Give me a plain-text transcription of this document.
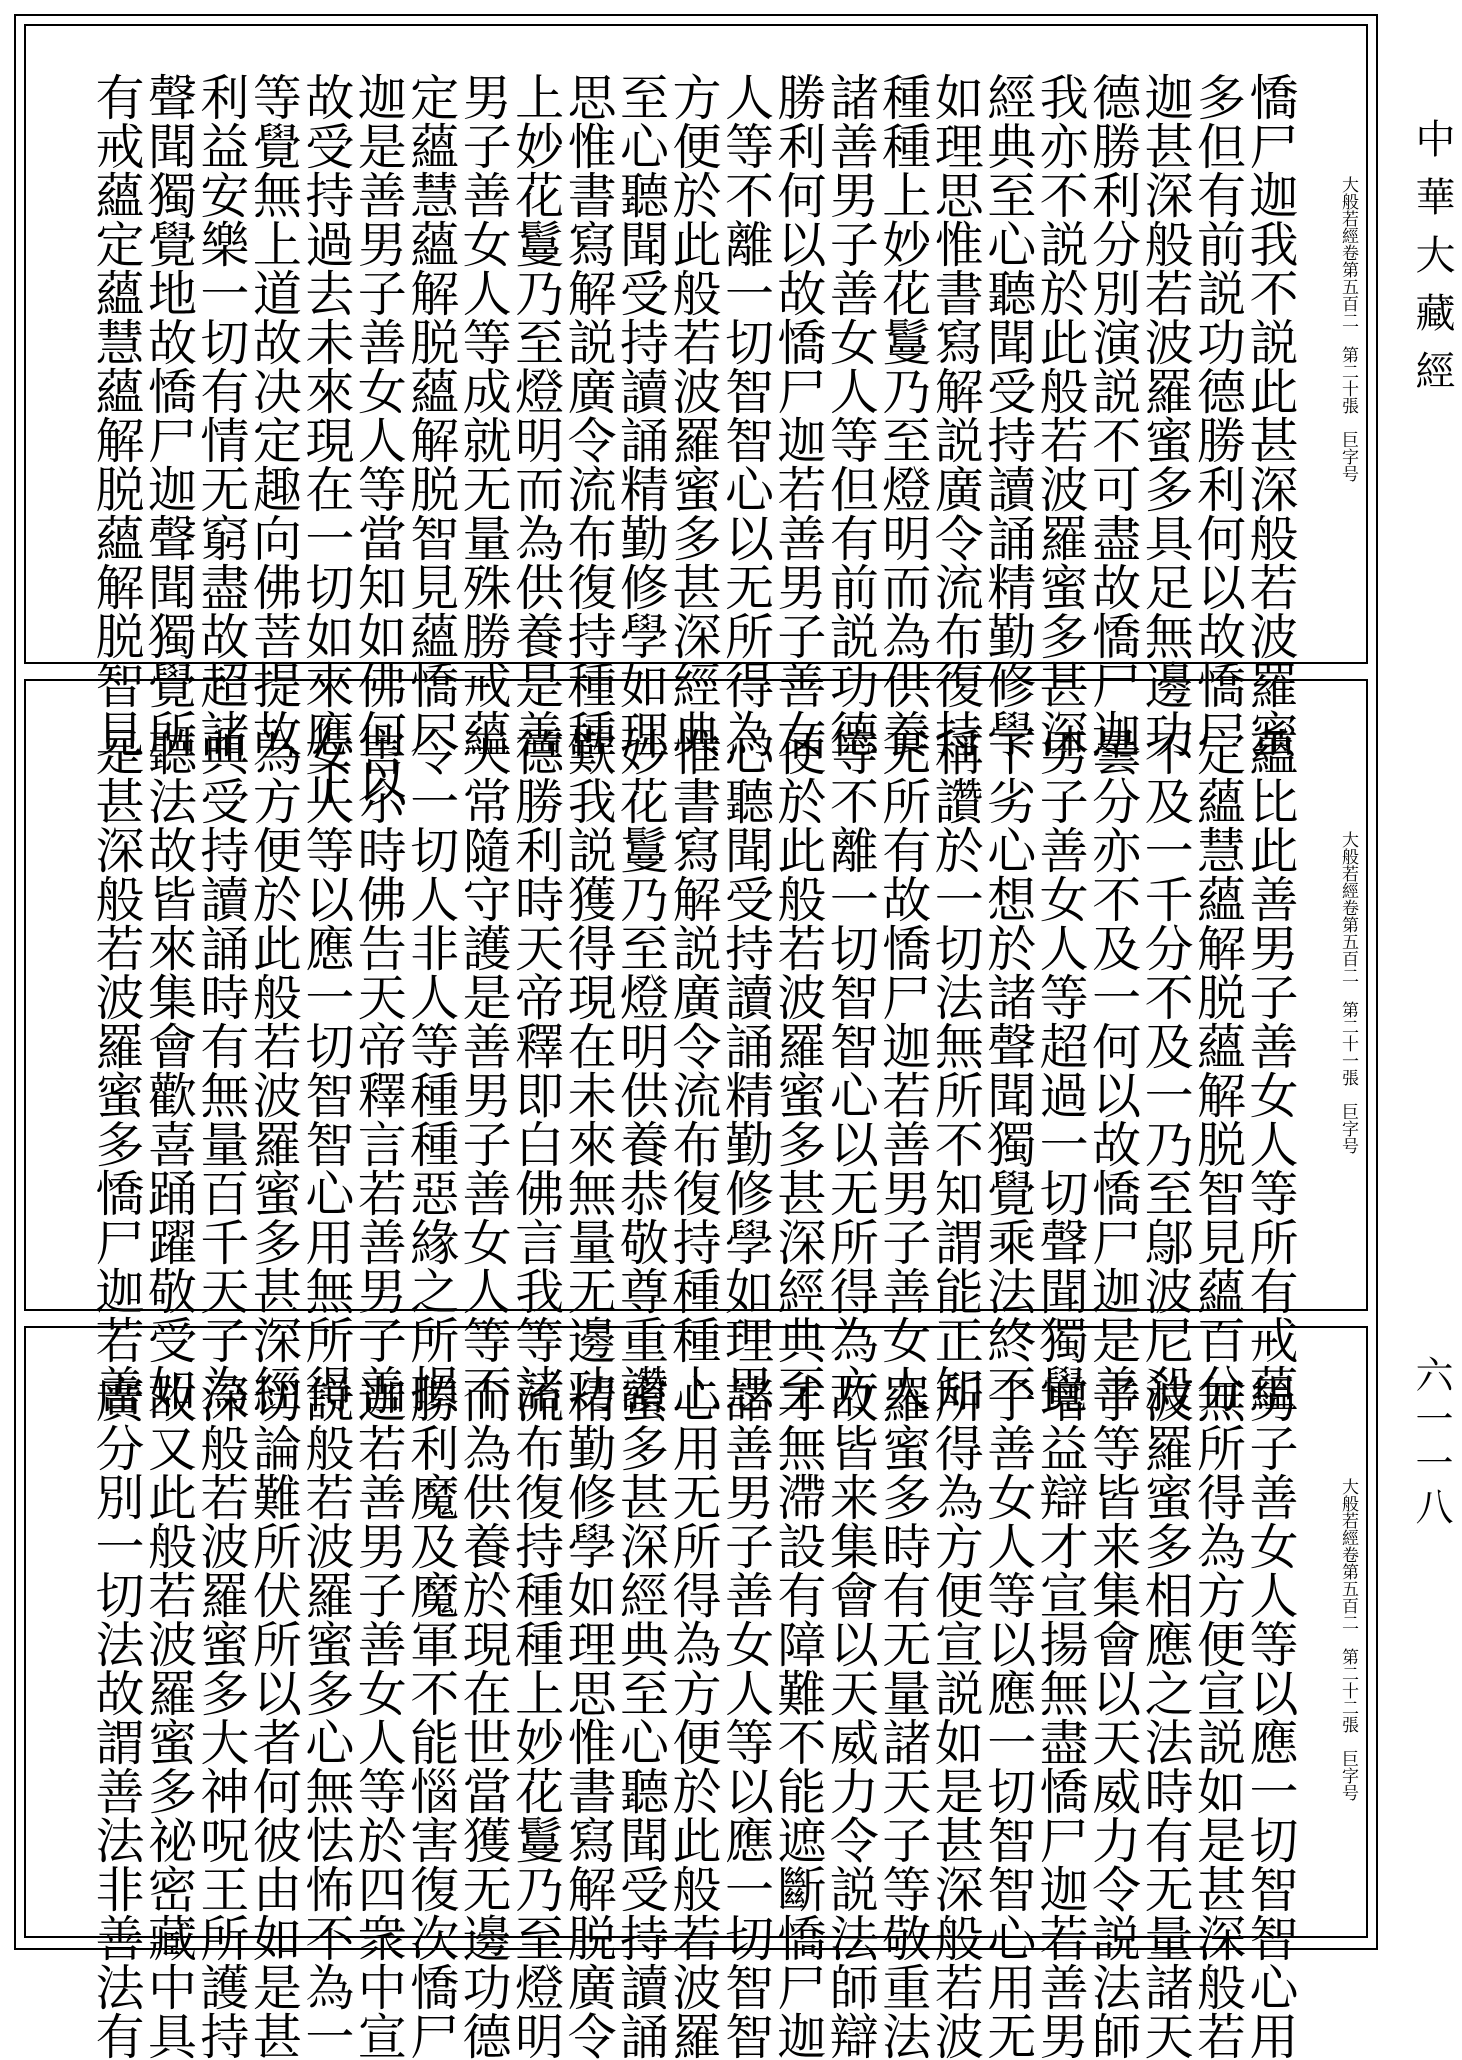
大般若經卷第五百二　第二十張　巨字号
憍尸迦我不説此甚深般若波羅蜜
多但有前説功德勝利何以故憍尸
迦甚深般若波羅蜜多具足無邊功
德勝利分別演説不可盡故憍尸迦
我亦不説於此般若波羅蜜多甚深
經典至心聽聞受持讀誦精勤修學
如理思惟書寫解説廣令流布復持
種種上妙花鬘乃至燈明而為供養
諸善男子善女人等但有前説功德
勝利何以故憍尸迦若善男子善女
人等不離一切智智心以无所得為
方便於此般若波羅蜜多甚深經典
至心聽聞受持讀誦精勤修學如理
思惟書寫解説廣令流布復持種種
上妙花鬘乃至燈明而為供養是善
男子善女人等成就无量殊勝戒蘊
定蘊慧蘊解脱蘊解脱智見蘊憍尸
迦是善男子善女人等當知如佛何以
故受持過去未來現在一切如來應正
等覺無上道故决定趣向佛菩提故
利益安樂一切有情无窮盡故超諸
聲聞獨覺地故憍尸迦聲聞獨覺所
有戒蘊定蘊慧蘊解脱蘊解脱智見
大般若經卷第五百二　第二十一張　巨字号
蘊比此善男子善女人等所有戒蘊
定蘊慧蘊解脱蘊解脱智見蘊百分
不及一千分不及一乃至鄔波尼殺
曇分亦不及一何以故憍尸迦是善
男子善女人等超過一切聲聞獨覺
下劣心想於諸聲聞獨覺乘法終不
稱讚於一切法無所不知謂能正知
无所有故憍尸迦若善男子善女人
等不離一切智智心以无所得為方
便於此般若波羅蜜多甚深經典至
心聽聞受持讀誦精勤修學如理思
惟書寫解説廣令流布復持種種上
妙花鬘乃至燈明供養恭敬尊重讚
歎我説獲得現在未來無量无邊功
德勝利時天帝釋即白佛言我等諸
天常隨守護是善男子善女人等不
令一切人非人等種種惡緣之所損
害尒時佛告天帝釋言若善男子善
女人等以應一切智智心用無所得
為方便於此般若波羅蜜多甚深經
典受持讀誦時有無量百千天子為
聽法故皆來集會歡喜踊躍敬受如
是甚深般若波羅蜜多憍尸迦若善
大般若經卷第五百二　第二十二張　巨字号
男子善女人等以應一切智智心用
無所得為方便宣説如是甚深般若
波羅蜜多相應之法時有无量諸天
子等皆来集會以天威力令説法師
增益辯才宣揚無盡憍尸迦若善男
子善女人等以應一切智智心用无
所得為方便宣説如是甚深般若波
羅蜜多時有无量諸天子等敬重法
故皆来集會以天威力令説法師辯
才無滯設有障難不能遮斷憍尸迦
諸善男子善女人等以應一切智智
心用无所得為方便於此般若波羅
蜜多甚深經典至心聽聞受持讀誦
精勤修學如理思惟書寫解脱廣令
流布復持種種上妙花鬘乃至燈明
而為供養於現在世當獲无邊功德
勝利魔及魔軍不能惱害復次憍尸
迦若善男子善女人等於四衆中宣
説般若波羅蜜多心無怯怖不為一
切論難所伏所以者何彼由如是甚
深般若波羅蜜多大神呪王所護持
故又此般若波羅蜜多祕密藏中具
廣分別一切法故謂善法非善法有
中華大藏經
六一一八
